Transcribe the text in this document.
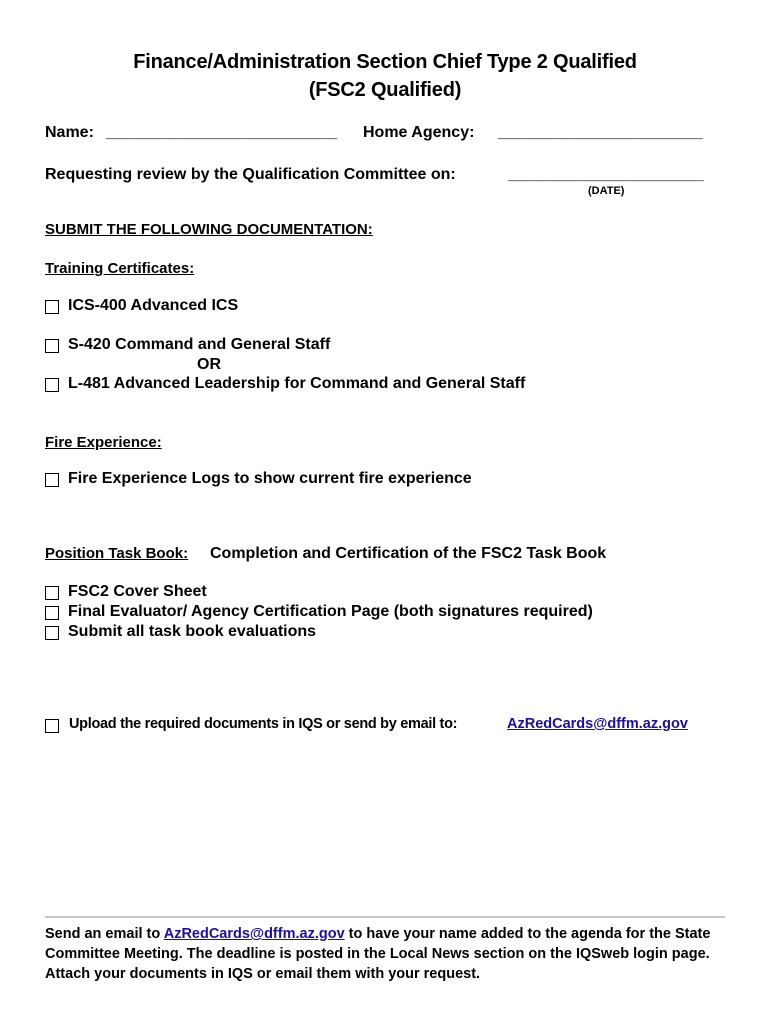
Finance/Administration Section Chief Type 2 Qualified
(FSC2 Qualified)
Name: __________________________ Home Agency: _______________________
Requesting review by the Qualification Committee on:	______________________
(DATE)
SUBMIT THE FOLLOWING DOCUMENTATION:
Training Certificates:
ICS-400 Advanced ICS
S-420 Command and General Staff
OR
L-481 Advanced Leadership for Command and General Staff
Fire Experience:
Fire Experience Logs to show current fire experience
Position Task Book: Completion and Certification of the FSC2 Task Book
FSC2 Cover Sheet
Final Evaluator/ Agency Certification Page (both signatures required)
Submit all task book evaluations
Upload the required documents in IQS or send by email to:	AzRedCards@dffm.az.gov
Send an email to AzRedCards@dffm.az.gov to have your name added to the agenda for the State Committee Meeting. The deadline is posted in the Local News section on the IQSweb login page. Attach your documents in IQS or email them with your request.
